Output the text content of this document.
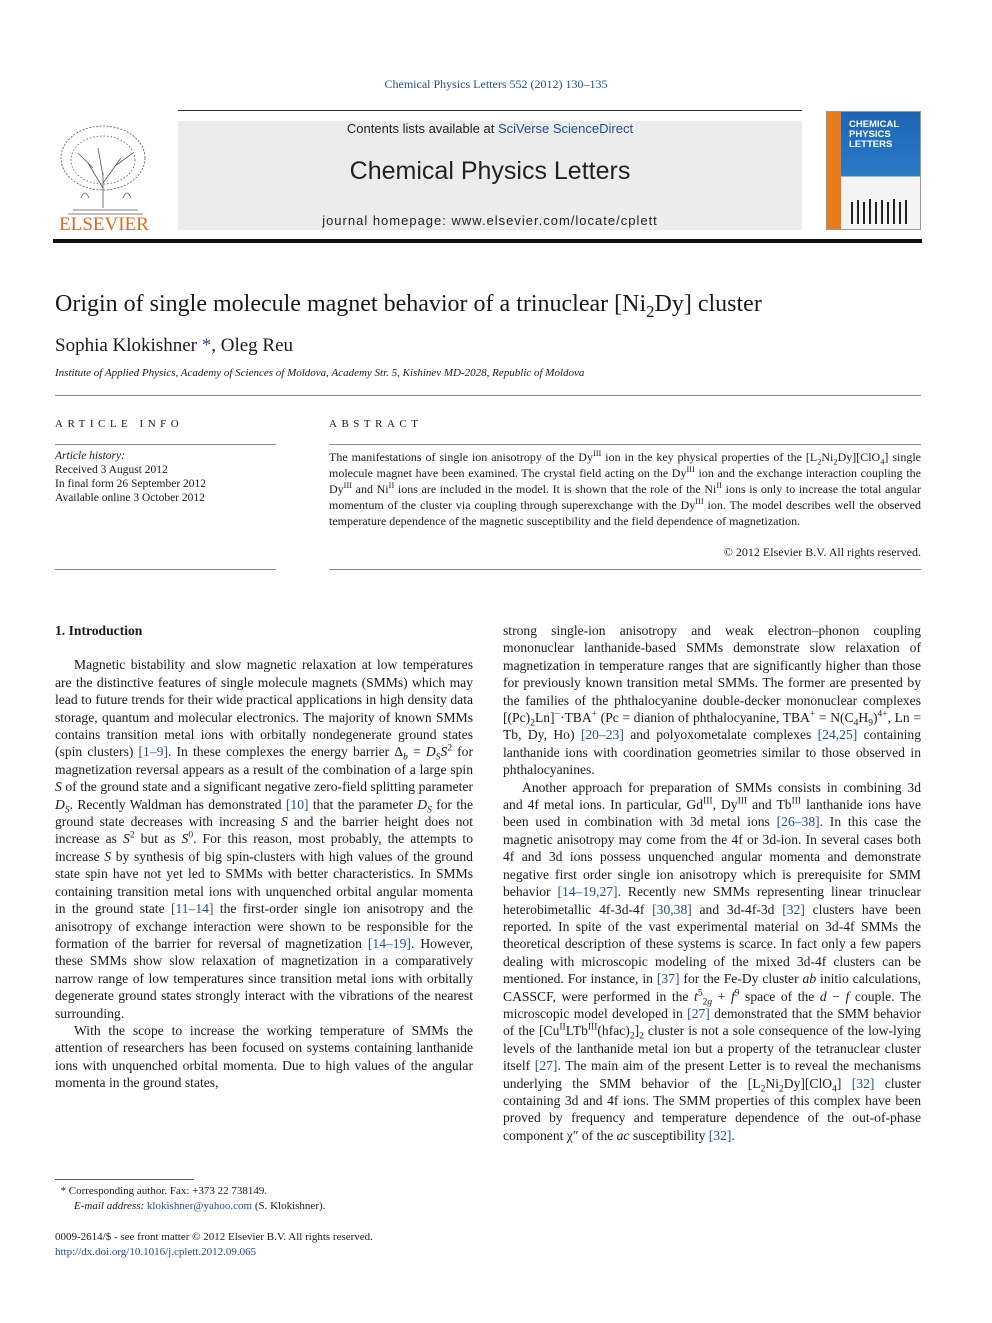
Chemical Physics Letters 552 (2012) 130–135
ELSEVIER
Contents lists available at SciVerse ScienceDirect
Chemical Physics Letters
journal homepage: www.elsevier.com/locate/cplett
CHEMICAL PHYSICS LETTERS
Origin of single molecule magnet behavior of a trinuclear $[Ni_2Dy]$ cluster
Sophia Klokishner *, Oleg Reu
Institute of Applied Physics, Academy of Sciences of Moldova, Academy Str. 5, Kishinev MD-2028, Republic of Moldova
ARTICLE INFO	ABSTRACT
Article history:
Received 3 August 2012
In final form 26 September 2012
Available online 3 October 2012
The manifestations of single ion anisotropy of the $Dy^{III}$ ion in the key physical properties of the $[L_2Ni_2Dy][ClO_4]$ single molecule magnet have been examined. The crystal field acting on the $Dy^{III}$ ion and the exchange interaction coupling the $Dy^{III}$ and $Ni^{II}$ ions are included in the model. It is shown that the role of the $Ni^{II}$ ions is only to increase the total angular momentum of the cluster via coupling through superexchange with the $Dy^{III}$ ion. The model describes well the observed temperature dependence of the magnetic susceptibility and the field dependence of magnetization.
© 2012 Elsevier B.V. All rights reserved.
1. Introduction

Magnetic bistability and slow magnetic relaxation at low temperatures are the distinctive features of single molecule magnets (SMMs) which may lead to future trends for their wide practical applications in high density data storage, quantum and molecular electronics. The majority of known SMMs contains transition metal ions with orbitally nondegenerate ground states (spin clusters) [1–9]. In these complexes the energy barrier $\Delta_b = D_SS^2$ for magnetization reversal appears as a result of the combination of a large spin S of the ground state and a significant negative zero-field splitting parameter $D_S$. Recently Waldman has demonstrated [10] that the parameter $D_S$ for the ground state decreases with increasing S and the barrier height does not increase as $S^2$ but as $S^0$. For this reason, most probably, the attempts to increase S by synthesis of big spin-clusters with high values of the ground state spin have not yet led to SMMs with better characteristics. In SMMs containing transition metal ions with unquenched orbital angular momenta in the ground state [11–14] the first-order single ion anisotropy and the anisotropy of exchange interaction were shown to be responsible for the formation of the barrier for reversal of magnetization [14–19]. However, these SMMs show slow relaxation of magnetization in a comparatively narrow range of low temperatures since transition metal ions with orbitally degenerate ground states strongly interact with the vibrations of the nearest surrounding.

With the scope to increase the working temperature of SMMs the attention of researchers has been focused on systems containing lanthanide ions with unquenched orbital momenta. Due to high values of the angular momenta in the ground states,

strong single-ion anisotropy and weak electron–phonon coupling mononuclear lanthanide-based SMMs demonstrate slow relaxation of magnetization in temperature ranges that are significantly higher than those for previously known transition metal SMMs. The former are presented by the families of the phthalocyanine double-decker mononuclear complexes $[(Pc)_2Ln]^-\cdot TBA^+$ (Pc = dianion of phthalocyanine, $TBA^+ = N(C_4H_9)^{4+}$, Ln = Tb, Dy, Ho) [20–23] and polyoxometalate complexes [24,25] containing lanthanide ions with coordination geometries similar to those observed in phthalocyanines.

Another approach for preparation of SMMs consists in combining 3d and 4f metal ions. In particular, $Gd^{III}$, $Dy^{III}$ and $Tb^{III}$ lanthanide ions have been used in combination with 3d metal ions [26–38]. In this case the magnetic anisotropy may come from the 4f or 3d-ion. In several cases both 4f and 3d ions possess unquenched angular momenta and demonstrate negative first order single ion anisotropy which is prerequisite for SMM behavior [14–19,27]. Recently new SMMs representing linear trinuclear heterobimetallic 4f-3d-4f [30,38] and 3d-4f-3d [32] clusters have been reported. In spite of the vast experimental material on 3d-4f SMMs the theoretical description of these systems is scarce. In fact only a few papers dealing with microscopic modeling of the mixed 3d-4f clusters can be mentioned. For instance, in [37] for the Fe-Dy cluster ab initio calculations, CASSCF, were performed in the $t^5_{2g} + f^9$ space of the d − f couple. The microscopic model developed in [27] demonstrated that the SMM behavior of the $[Cu^{II}LTb^{III}(hfac)_2]_2$ cluster is not a sole consequence of the low-lying levels of the lanthanide metal ion but a property of the tetranuclear cluster itself [27]. The main aim of the present Letter is to reveal the mechanisms underlying the SMM behavior of the $[L_2Ni_2Dy][ClO_4]$ [32] cluster containing 3d and 4f ions. The SMM properties of this complex have been proved by frequency and temperature dependence of the out-of-phase component χ″ of the ac susceptibility [32].

* Corresponding author. Fax: +373 22 738149.
E-mail address: klokishner@yahoo.com (S. Klokishner).
0009-2614/$ - see front matter © 2012 Elsevier B.V. All rights reserved.
http://dx.doi.org/10.1016/j.cplett.2012.09.065
